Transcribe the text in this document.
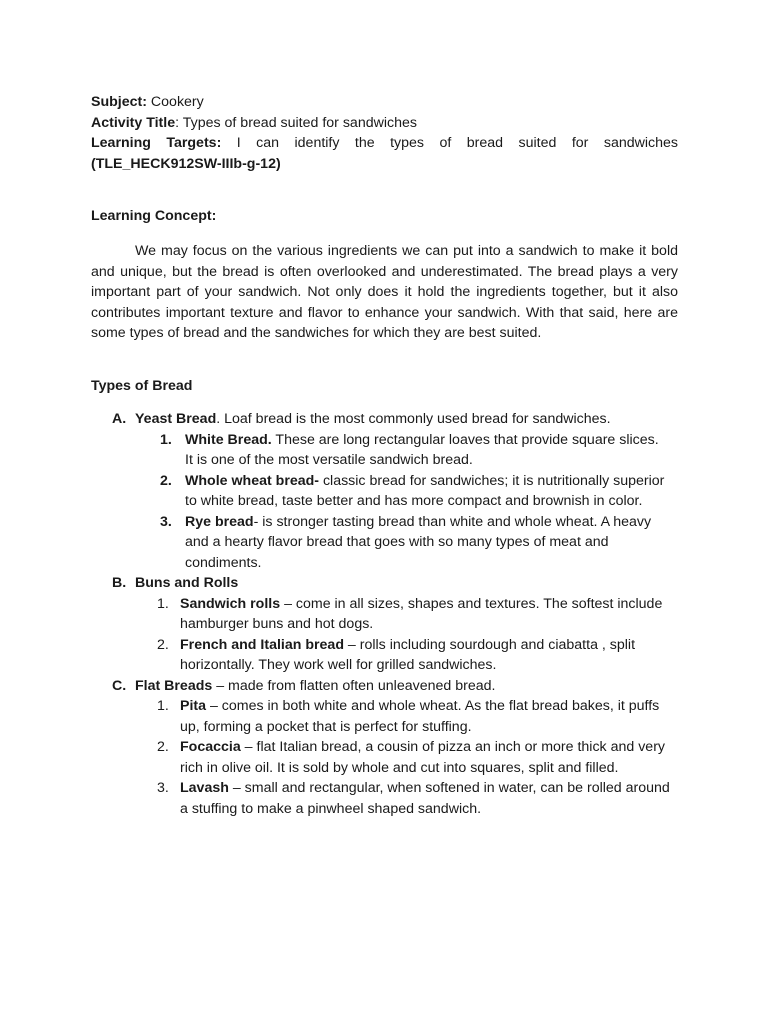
Subject: Cookery

Activity Title: Types of bread suited for sandwiches

Learning Targets: I can identify the types of bread suited for sandwiches

(TLE_HECK912SW-IIIb-g-12)

Learning Concept:

We may focus on the various ingredients we can put into a sandwich to make it bold and unique, but the bread is often overlooked and underestimated. The bread plays a very important part of your sandwich. Not only does it hold the ingredients together, but it also contributes important texture and flavor to enhance your sandwich. With that said, here are some types of bread and the sandwiches for which they are best suited.

Types of Bread

A. Yeast Bread. Loaf bread is the most commonly used bread for sandwiches.

1. White Bread. These are long rectangular loaves that provide square slices. It is one of the most versatile sandwich bread.
2. Whole wheat bread- classic bread for sandwiches; it is nutritionally superior to white bread, taste better and has more compact and brownish in color.
3. Rye bread- is stronger tasting bread than white and whole wheat. A heavy and a hearty flavor bread that goes with so many types of meat and condiments.
B. Buns and Rolls

1. Sandwich rolls – come in all sizes, shapes and textures. The softest include hamburger buns and hot dogs.
2. French and Italian bread – rolls including sourdough and ciabatta , split horizontally. They work well for grilled sandwiches.
C. Flat Breads – made from flatten often unleavened bread.

1. Pita – comes in both white and whole wheat. As the flat bread bakes, it puffs up, forming a pocket that is perfect for stuffing.
2. Focaccia – flat Italian bread, a cousin of pizza an inch or more thick and very rich in olive oil. It is sold by whole and cut into squares, split and filled.
3. Lavash – small and rectangular, when softened in water, can be rolled around a stuffing to make a pinwheel shaped sandwich.
